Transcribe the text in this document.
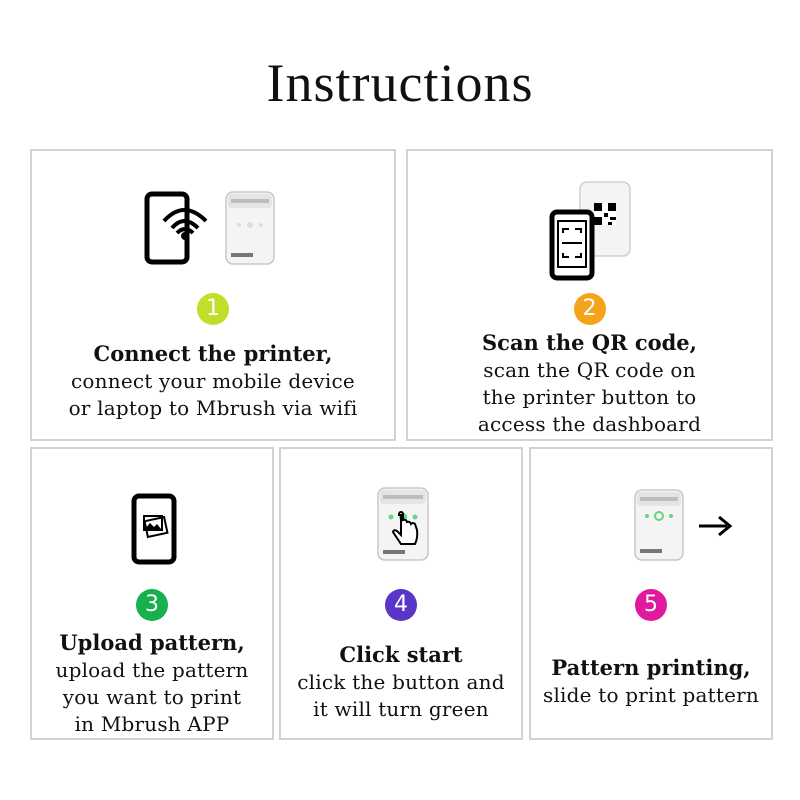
Instructions
1
Connect the printer,
connect your mobile device
or laptop to Mbrush via wifi
2
Scan the QR code,
scan the QR code on
the printer button to
access the dashboard
3
Upload pattern,
upload the pattern
you want to print
in Mbrush APP
4
Click start
click the button and
it will turn green
5
Pattern printing,
slide to print pattern
